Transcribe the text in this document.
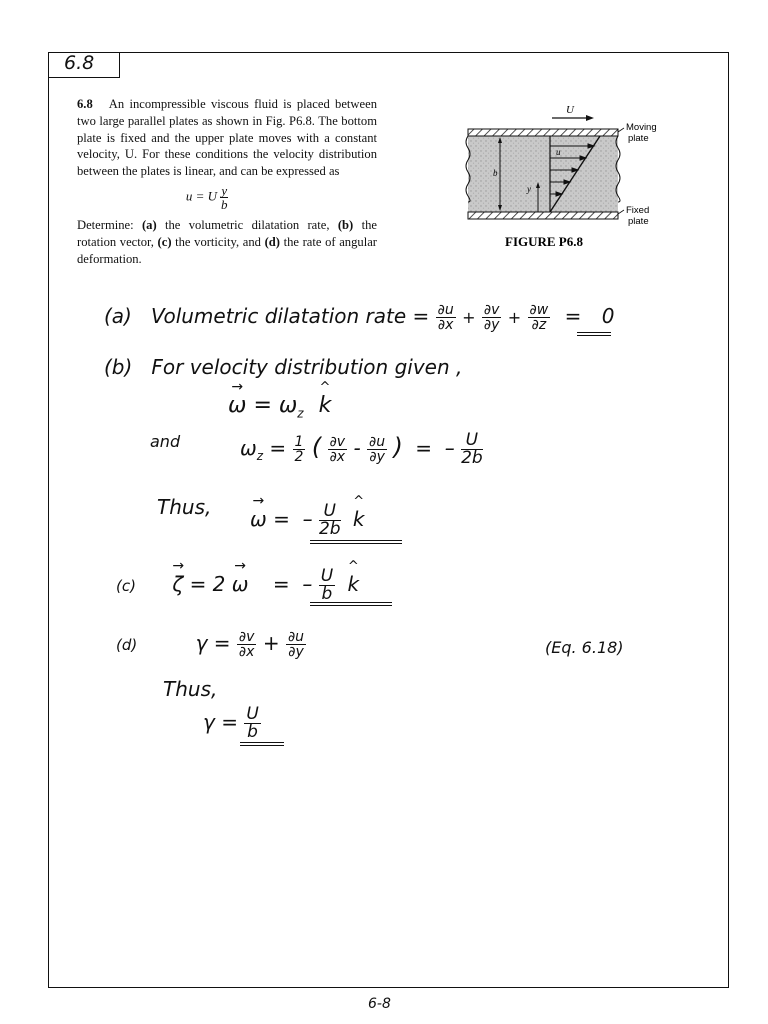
6.8
6.8 An incompressible viscous fluid is placed between two large parallel plates as shown in Fig. P6.8. The bottom plate is fixed and the upper plate moves with a constant velocity, U. For these conditions the velocity distribution between the plates is linear, and can be expressed as
u = U $\frac{y}{b}$
Determine: (a) the volumetric dilatation rate, (b) the rotation vector, (c) the vorticity, and (d) the rate of angular deformation.
U
u
y
b
Moving
plate
Fixed
plate
FIGURE P6.8
(a) Volumetric dilatation rate = $\frac{\partial u}{\partial x} + \frac{\partial v}{\partial y} + \frac{\partial w}{\partial z} = 0$
(b) For velocity distribution given ,
→ $\omega = \omega_z$ ^ k
and	$\omega_z = \frac{1}{2}$ ( $\frac{\partial v}{\partial x} - \frac{\partial u}{\partial y}$ ) =  – $\frac{U}{2b}$
Thus, → ω =  – $\frac{U}{2b}$ ^ k
(c) → ζ = 2 → ω =  – $\frac{U}{b}$ ^ k
(d)	$\gamma = \frac{\partial v}{\partial x} + \frac{\partial u}{\partial y}$	(Eq. 6.18)
Thus,
$\gamma = \frac{U}{b}$
6-8
